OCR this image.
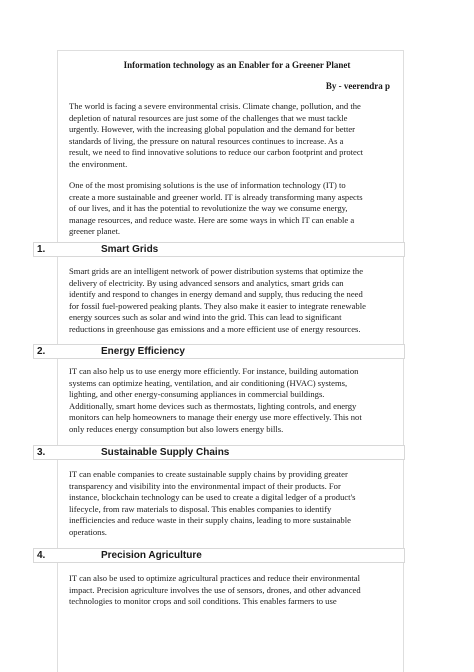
Information technology as an Enabler for a Greener Planet
By - veerendra p
The world is facing a severe environmental crisis. Climate change, pollution, and the
depletion of natural resources are just some of the challenges that we must tackle
urgently. However, with the increasing global population and the demand for better
standards of living, the pressure on natural resources continues to increase. As a
result, we need to find innovative solutions to reduce our carbon footprint and protect
the environment.
One of the most promising solutions is the use of information technology (IT) to
create a more sustainable and greener world. IT is already transforming many aspects
of our lives, and it has the potential to revolutionize the way we consume energy,
manage resources, and reduce waste. Here are some ways in which IT can enable a
greener planet.
1.	Smart Grids
Smart grids are an intelligent network of power distribution systems that optimize the
delivery of electricity. By using advanced sensors and analytics, smart grids can
identify and respond to changes in energy demand and supply, thus reducing the need
for fossil fuel-powered peaking plants. They also make it easier to integrate renewable
energy sources such as solar and wind into the grid. This can lead to significant
reductions in greenhouse gas emissions and a more efficient use of energy resources.
2.	Energy Efficiency
IT can also help us to use energy more efficiently. For instance, building automation
systems can optimize heating, ventilation, and air conditioning (HVAC) systems,
lighting, and other energy-consuming appliances in commercial buildings.
Additionally, smart home devices such as thermostats, lighting controls, and energy
monitors can help homeowners to manage their energy use more effectively. This not
only reduces energy consumption but also lowers energy bills.
3.	Sustainable Supply Chains
IT can enable companies to create sustainable supply chains by providing greater
transparency and visibility into the environmental impact of their products. For
instance, blockchain technology can be used to create a digital ledger of a product's
lifecycle, from raw materials to disposal. This enables companies to identify
inefficiencies and reduce waste in their supply chains, leading to more sustainable
operations.
4.	Precision Agriculture
IT can also be used to optimize agricultural practices and reduce their environmental
impact. Precision agriculture involves the use of sensors, drones, and other advanced
technologies to monitor crops and soil conditions. This enables farmers to use
